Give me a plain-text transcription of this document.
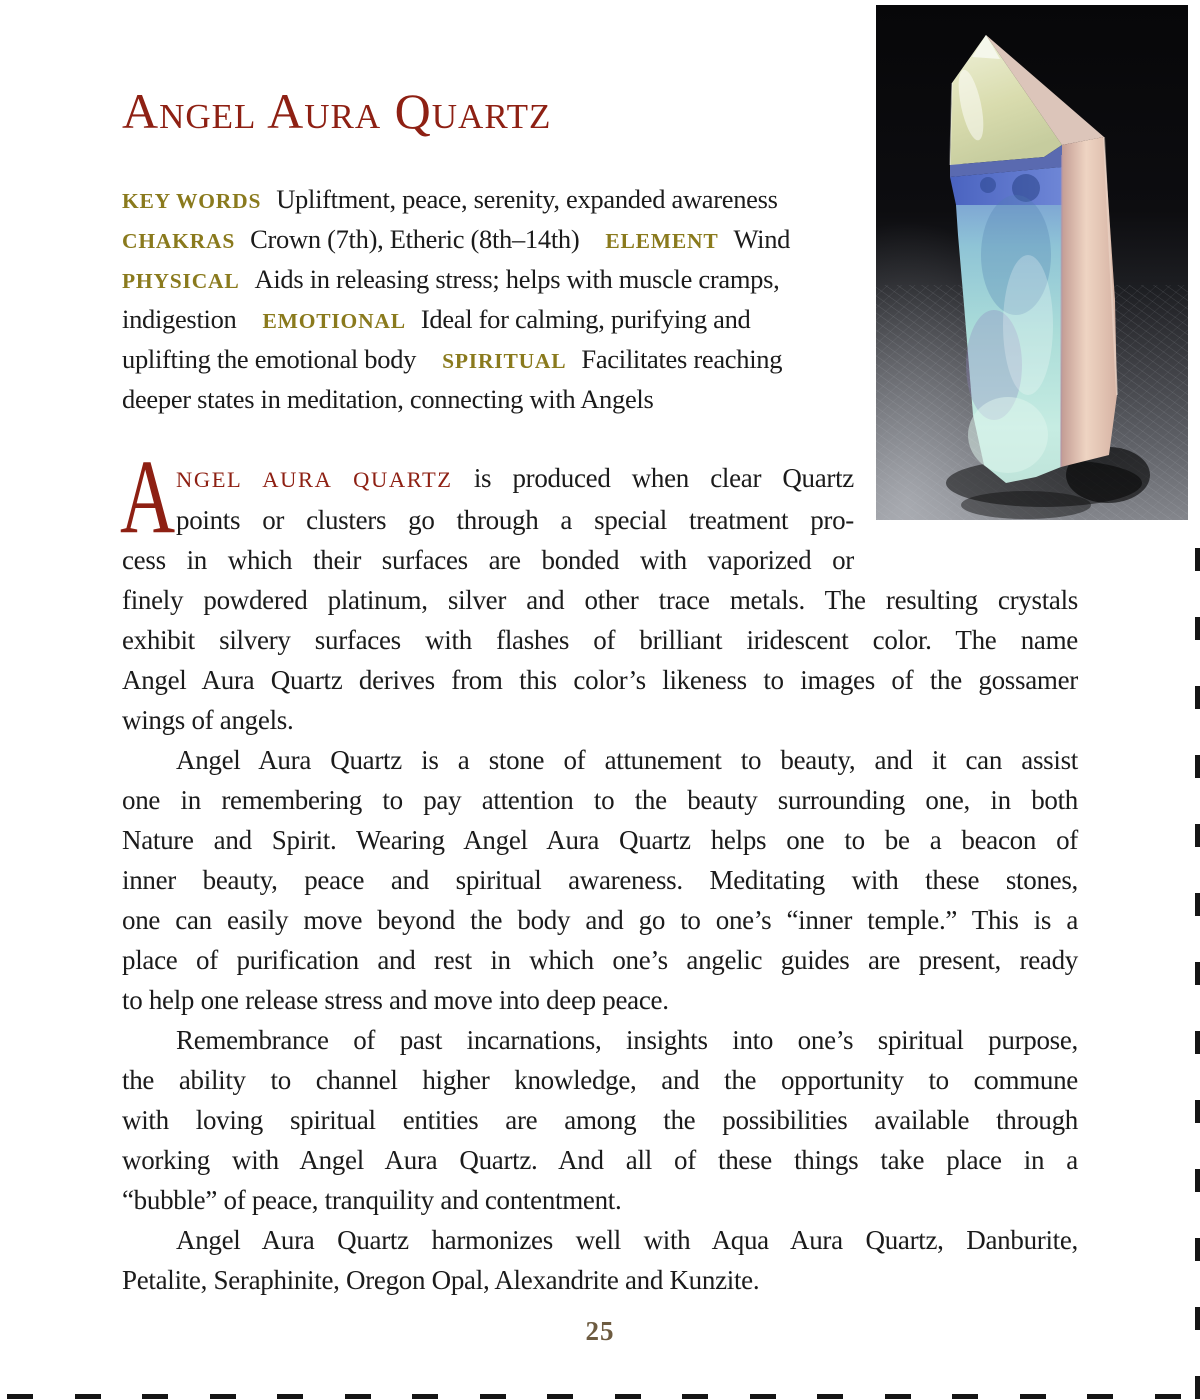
Angel Aura Quartz
KEY WORDS Upliftment, peace, serenity, expanded awareness
CHAKRAS Crown (7th), Etheric (8th–14th) ELEMENT Wind
PHYSICAL Aids in releasing stress; helps with muscle cramps,
indigestion EMOTIONAL Ideal for calming, purifying and
uplifting the emotional body SPIRITUAL Facilitates reaching
deeper states in meditation, connecting with Angels
A NGEL AURA QUARTZ is produced when clear Quartz
points or clusters go through a special treatment pro-
cess in which their surfaces are bonded with vaporized or
finely powdered platinum, silver and other trace metals. The resulting crystals
exhibit silvery surfaces with flashes of brilliant iridescent color. The name
Angel Aura Quartz derives from this color’s likeness to images of the gossamer
wings of angels.
Angel Aura Quartz is a stone of attunement to beauty, and it can assist
one in remembering to pay attention to the beauty surrounding one, in both
Nature and Spirit. Wearing Angel Aura Quartz helps one to be a beacon of
inner beauty, peace and spiritual awareness. Meditating with these stones,
one can easily move beyond the body and go to one’s “inner temple.” This is a
place of purification and rest in which one’s angelic guides are present, ready
to help one release stress and move into deep peace.
Remembrance of past incarnations, insights into one’s spiritual purpose,
the ability to channel higher knowledge, and the opportunity to commune
with loving spiritual entities are among the possibilities available through
working with Angel Aura Quartz. And all of these things take place in a
“bubble” of peace, tranquility and contentment.
Angel Aura Quartz harmonizes well with Aqua Aura Quartz, Danburite,
Petalite, Seraphinite, Oregon Opal, Alexandrite and Kunzite.
25
